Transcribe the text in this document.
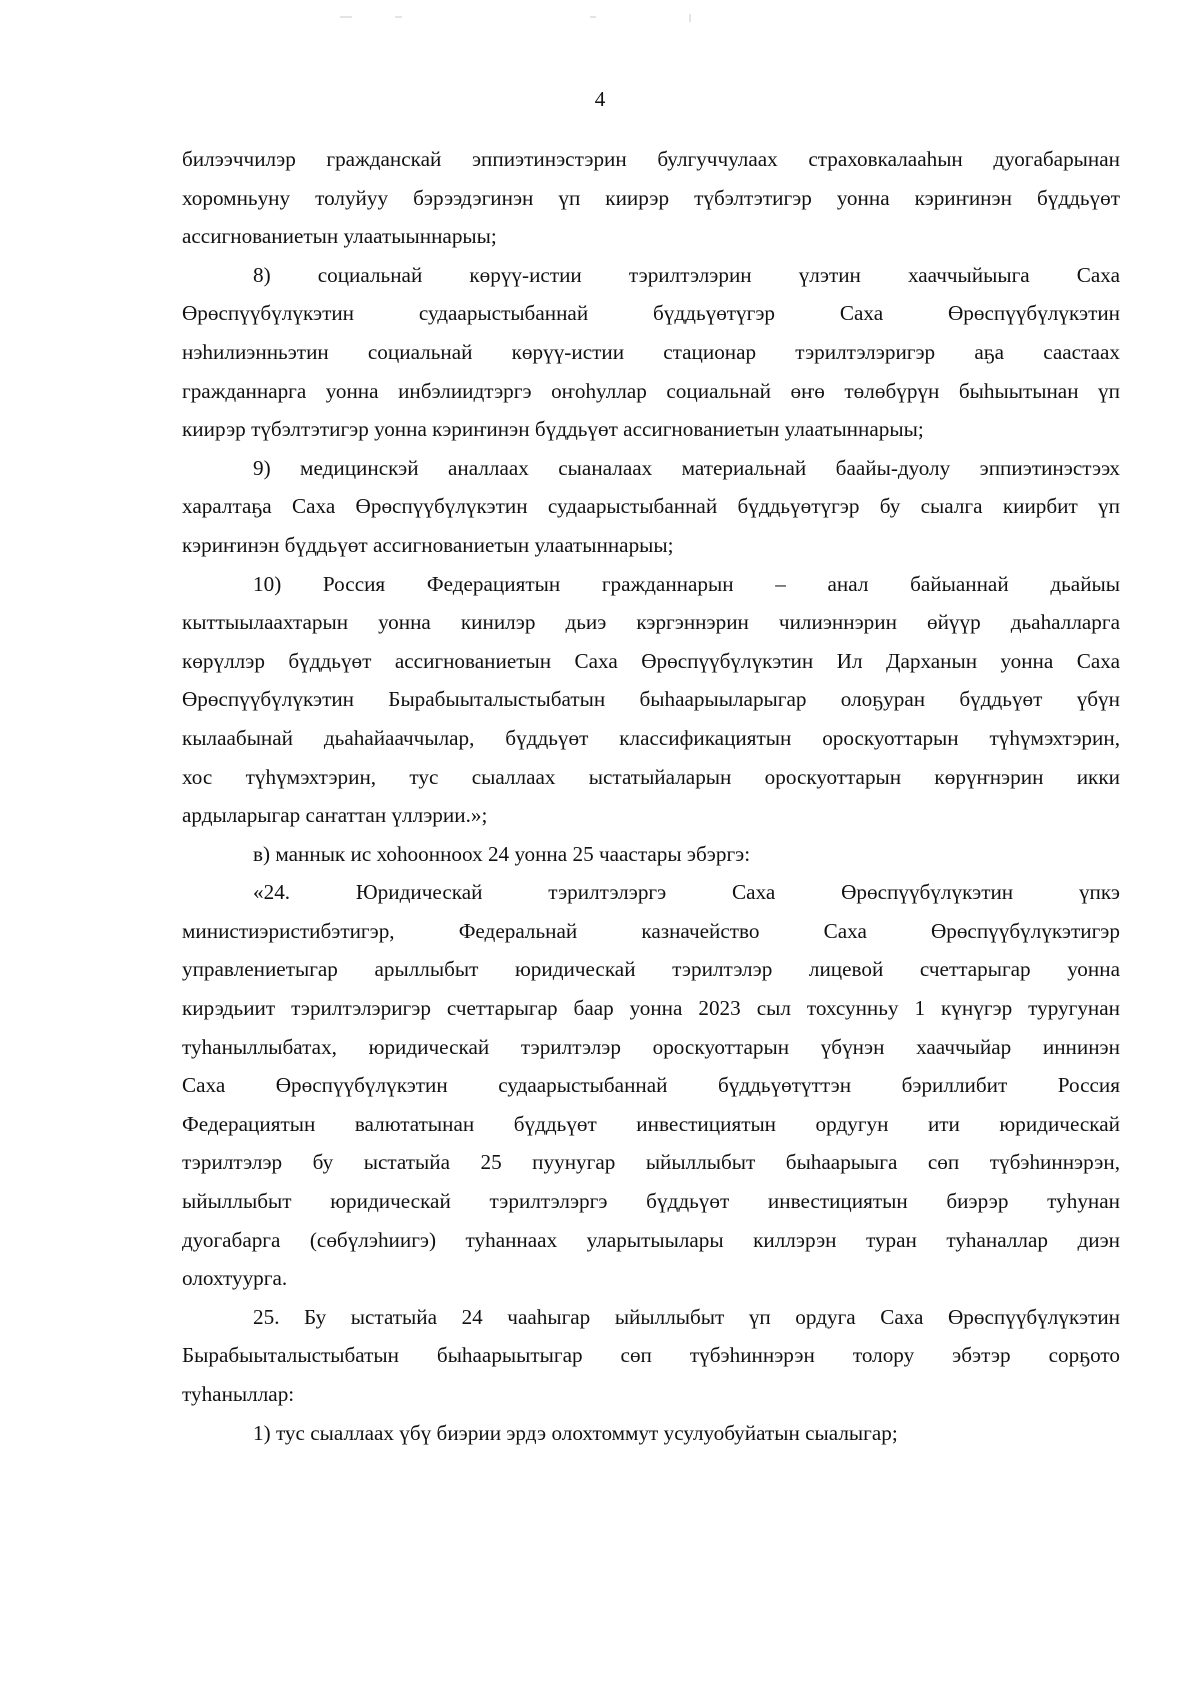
4
билээччилэр гражданскай эппиэтинэстэрин булгуччулаах страховкалааһын дуогабарынан
хоромньуну толуйуу бэрээдэгинэн үп киирэр түбэлтэтигэр уонна кэриҥинэн бүддьүөт
ассигнованиетын улаатыыннарыы;
8) социальнай көрүү-истии тэрилтэлэрин үлэтин хааччыйыыга Саха
Өрөспүүбүлүкэтин судаарыстыбаннай бүддьүөтүгэр Саха Өрөспүүбүлүкэтин
нэһилиэнньэтин социальнай көрүү-истии стационар тэрилтэлэригэр аҕа саастаах
гражданнарга уонна инбэлиидтэргэ оҥоһуллар социальнай өҥө төлөбүрүн быһыытынан үп
киирэр түбэлтэтигэр уонна кэриҥинэн бүддьүөт ассигнованиетын улаатыннарыы;
9) медицинскэй аналлаах сыаналаах материальнай баайы-дуолу эппиэтинэстээх
харалтаҕа Саха Өрөспүүбүлүкэтин судаарыстыбаннай бүддьүөтүгэр бу сыалга киирбит үп
кэриҥинэн бүддьүөт ассигнованиетын улаатыннарыы;
10) Россия Федерациятын гражданнарын – анал байыаннай дьайыы
кыттыылаахтарын уонна кинилэр дьиэ кэргэннэрин чилиэннэрин өйүүр дьаһалларга
көрүллэр бүддьүөт ассигнованиетын Саха Өрөспүүбүлүкэтин Ил Дарханын уонна Саха
Өрөспүүбүлүкэтин Бырабыыталыстыбатын быһаарыыларыгар олоҕуран бүддьүөт үбүн
кылаабынай дьаһайааччылар, бүддьүөт классификациятын ороскуоттарын түһүмэхтэрин,
хос түһүмэхтэрин, тус сыаллаах ыстатыйаларын ороскуоттарын көрүҥнэрин икки
ардыларыгар саҥаттан үллэрии.»;
в) маннык ис хоһоонноох 24 уонна 25 чаастары эбэргэ:
«24. Юридическай тэрилтэлэргэ Саха Өрөспүүбүлүкэтин үпкэ
министиэристибэтигэр, Федеральнай казначейство Саха Өрөспүүбүлүкэтигэр
управлениетыгар арыллыбыт юридическай тэрилтэлэр лицевой счеттарыгар уонна
кирэдьиит тэрилтэлэригэр счеттарыгар баар уонна 2023 сыл тохсунньу 1 күнүгэр туругунан
туһаныллыбатах, юридическай тэрилтэлэр ороскуоттарын үбүнэн хааччыйар иннинэн
Саха Өрөспүүбүлүкэтин судаарыстыбаннай бүддьүөтүттэн бэриллибит Россия
Федерациятын валютатынан бүддьүөт инвестициятын ордугун ити юридическай
тэрилтэлэр бу ыстатыйа 25 пуунугар ыйыллыбыт быһаарыыга сөп түбэһиннэрэн,
ыйыллыбыт юридическай тэрилтэлэргэ бүддьүөт инвестициятын биэрэр туһунан
дуогабарга (сөбүлэһиигэ) туһаннаах уларытыылары киллэрэн туран туһаналлар диэн
олохтуурга.
25. Бу ыстатыйа 24 чааһыгар ыйыллыбыт үп ордуга Саха Өрөспүүбүлүкэтин
Бырабыыталыстыбатын быһаарыытыгар сөп түбэһиннэрэн толору эбэтэр сорҕото
туһаныллар:
1) тус сыаллаах үбү биэрии эрдэ олохтоммут усулуобуйатын сыалыгар;
